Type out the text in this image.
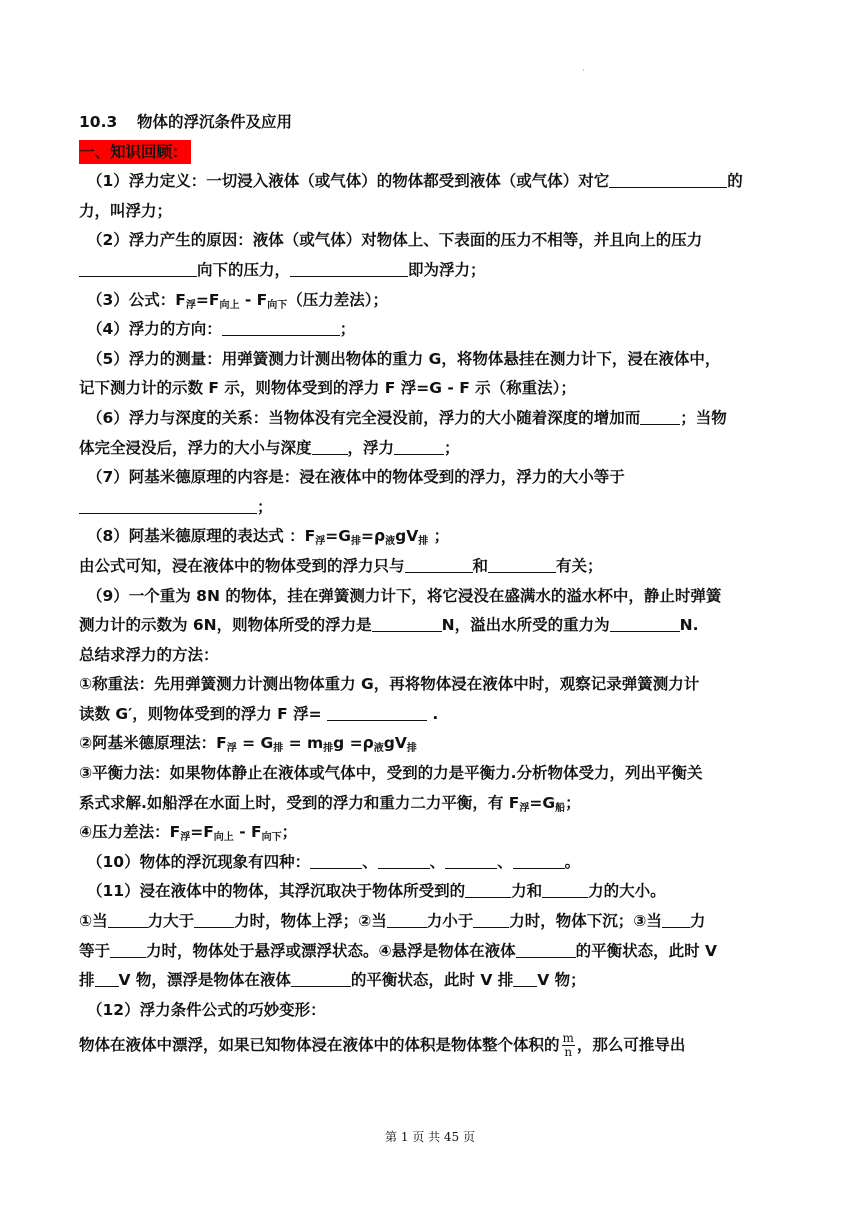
·
10.3 物体的浮沉条件及应用
一、知识回顾：
（1）浮力定义：一切浸入液体（或气体）的物体都受到液体（或气体）对它	的
力，叫浮力；
（2）浮力产生的原因：液体（或气体）对物体上、下表面的压力不相等，并且向上的压力
向下的压力，	即为浮力；
（3）公式：$F_浮=F_{向上} - F_{向下}$（压力差法）；
（4）浮力的方向：	；
（5）浮力的测量：用弹簧测力计测出物体的重力 G，将物体悬挂在测力计下，浸在液体中，
记下测力计的示数 F 示，则物体受到的浮力 F 浮=G - F 示（称重法）；
（6）浮力与深度的关系：当物体没有完全浸没前，浮力的大小随着深度的增加而	；当物
体完全浸没后，浮力的大小与深度 ，浮力	；
（7）阿基米德原理的内容是：浸在液体中的物体受到的浮力，浮力的大小等于
；
（8）阿基米德原理的表达式 ：$F_浮=G_排=\rho_液gV_排$ ；
由公式可知，浸在液体中的物体受到的浮力只与	和	有关；
（9）一个重为 8N 的物体，挂在弹簧测力计下，将它浸没在盛满水的溢水杯中，静止时弹簧
测力计的示数为 6N，则物体所受的浮力是	N，溢出水所受的重力为	N.
总结求浮力的方法：
①称重法：先用弹簧测力计测出物体重力 G，再将物体浸在液体中时，观察记录弹簧测力计
读数 G′，则物体受到的浮力 F 浮=	.
②阿基米德原理法：$F_浮 = G_排 = m_排g =\rho_液gV_排$
③平衡力法：如果物体静止在液体或气体中，受到的力是平衡力.分析物体受力，列出平衡关
系式求解.如船浮在水面上时，受到的浮力和重力二力平衡，有 $F_浮=G_船$；
④压力差法：$F_浮=F_{向上} - F_{向下}$；
（10）物体的浮沉现象有四种：	、	、	、	。
（11）浸在液体中的物体，其浮沉取决于物体所受到的	力和	力的大小。
①当	力大于	力时，物体上浮；②当	力小于 力时，物体下沉；③当 力
等于 力时，物体处于悬浮或漂浮状态。④悬浮是物体在液体	的平衡状态，此时 V
排 V 物，漂浮是物体在液体	的平衡状态，此时 V 排 V 物；
（12）浮力条件公式的巧妙变形：
物体在液体中漂浮，如果已知物体浸在液体中的体积是物体整个体积的 $\frac{m}{n}$ ，那么可推导出
第 1 页 共 45 页
